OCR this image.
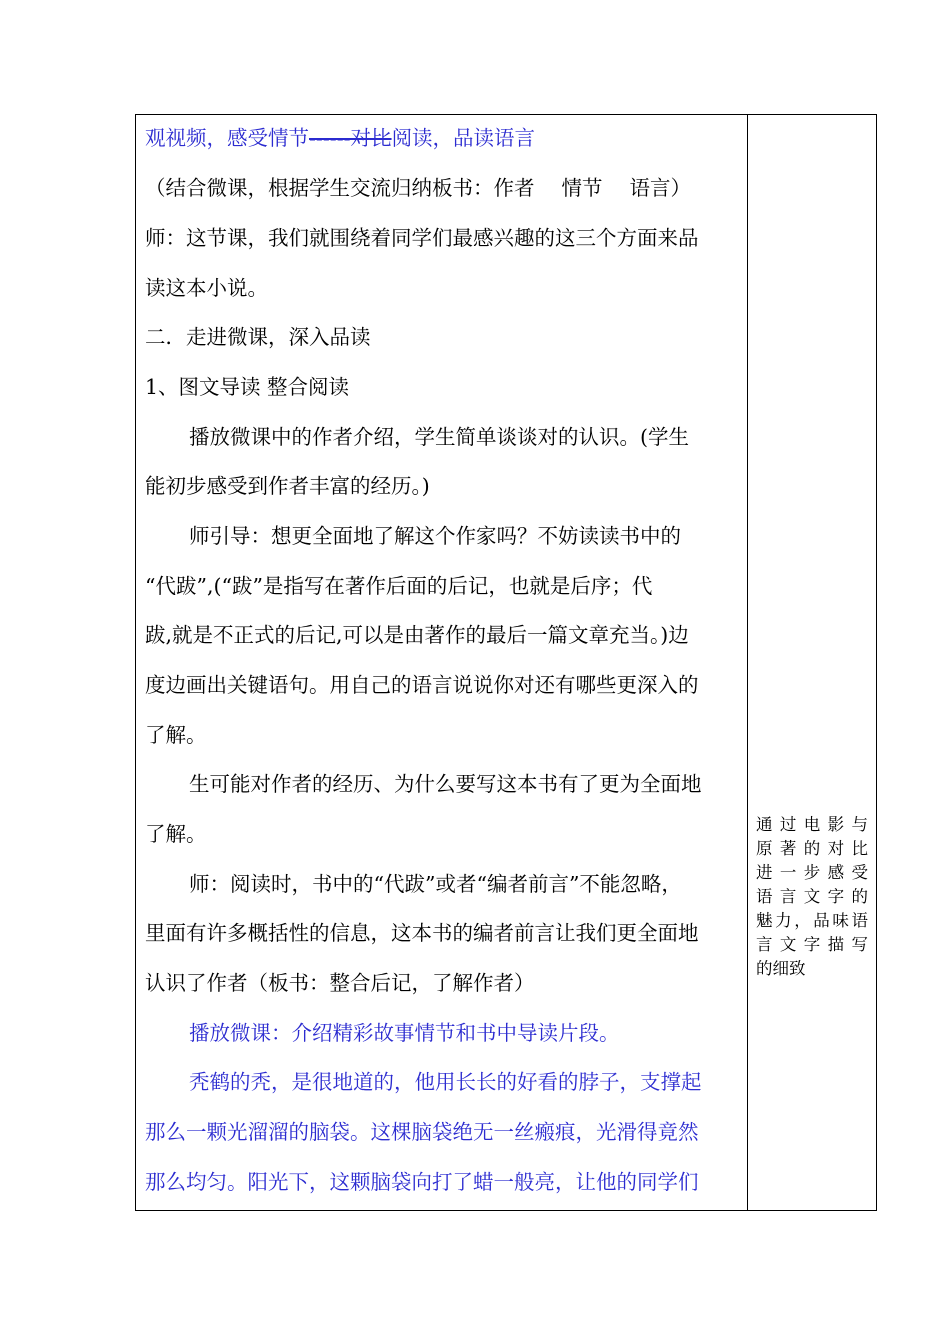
观视频，感受情节------对比阅读，品读语言
（结合微课，根据学生交流归纳板书：作者　 情节　 语言）
师：这节课，我们就围绕着同学们最感兴趣的这三个方面来品
读这本小说。
二．走进微课，深入品读
1、图文导读 整合阅读
播放微课中的作者介绍，学生简单谈谈对的认识。(学生
能初步感受到作者丰富的经历。)
师引导：想更全面地了解这个作家吗？不妨读读书中的
“代跋”,(“跋”是指写在著作后面的后记，也就是后序；代
跋,就是不正式的后记,可以是由著作的最后一篇文章充当。)边
度边画出关键语句。用自己的语言说说你对还有哪些更深入的
了解。
生可能对作者的经历、为什么要写这本书有了更为全面地
了解。
师：阅读时，书中的“代跋”或者“编者前言”不能忽略，
里面有许多概括性的信息，这本书的编者前言让我们更全面地
认识了作者（板书：整合后记，了解作者）
播放微课：介绍精彩故事情节和书中导读片段。
秃鹤的秃，是很地道的，他用长长的好看的脖子，支撑起
那么一颗光溜溜的脑袋。这棵脑袋绝无一丝瘢痕，光滑得竟然
那么均匀。阳光下，这颗脑袋向打了蜡一般亮，让他的同学们
通过电影与
原著的对比
进一步感受
语言文字的
魅力，品味语
言文字描写
的细致
